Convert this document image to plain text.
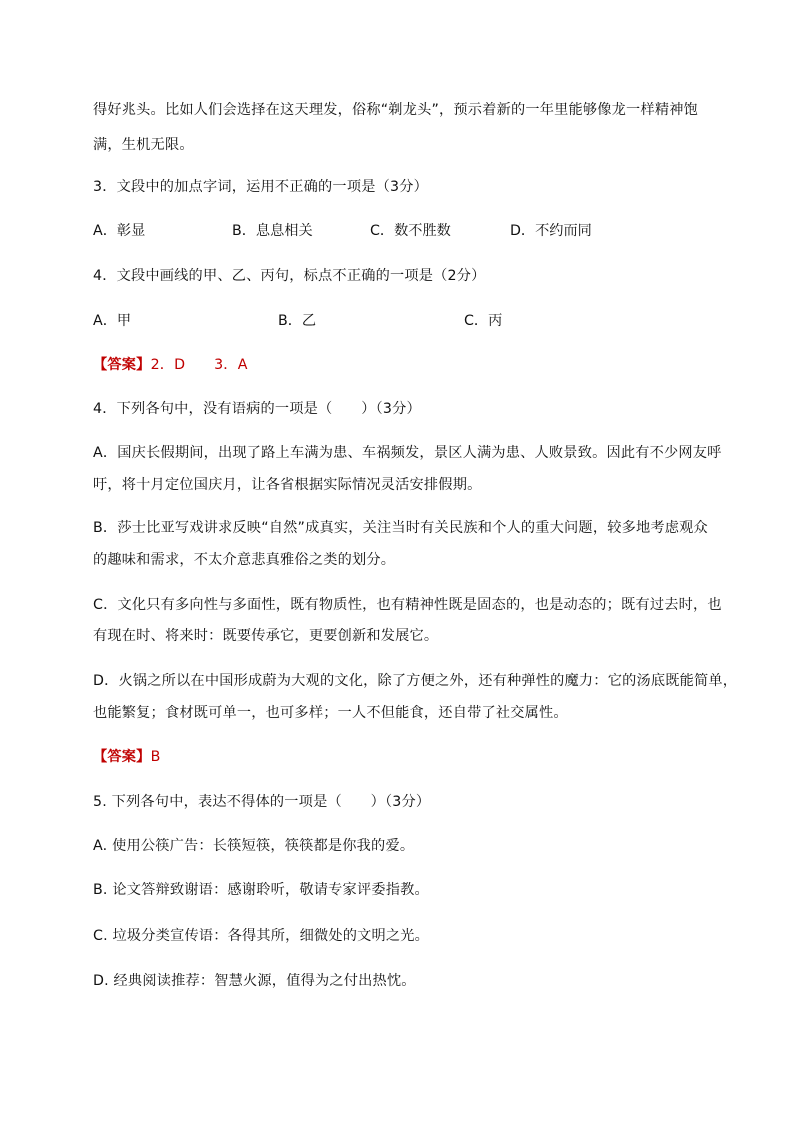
得好兆头。比如人们会选择在这天理发，俗称“剃龙头”，预示着新的一年里能够像龙一样精神饱
满，生机无限。
3．文段中的加点字词，运用不正确的一项是（3分）
A．彰显	B．息息相关	C．数不胜数	D．不约而同
4．文段中画线的甲、乙、丙句，标点不正确的一项是（2分）
A．甲	B．乙	C．丙
【答案】2．D　　3．A
4．下列各句中，没有语病的一项是（　　）（3分）
A．国庆长假期间，出现了路上车满为患、车祸频发，景区人满为患、人败景致。因此有不少网友呼
吁，将十月定位国庆月，让各省根据实际情况灵活安排假期。
B．莎士比亚写戏讲求反映“自然”成真实，关注当时有关民族和个人的重大问题，较多地考虑观众
的趣味和需求，不太介意悲真雅俗之类的划分。
C．文化只有多向性与多面性，既有物质性，也有精神性既是固态的，也是动态的；既有过去时，也
有现在时、将来时：既要传承它，更要创新和发展它。
D．火锅之所以在中国形成蔚为大观的文化，除了方便之外，还有种弹性的魔力：它的汤底既能简单，
也能繁复；食材既可单一，也可多样；一人不但能食，还自带了社交属性。
【答案】B
5. 下列各句中，表达不得体的一项是（　　）（3分）
A. 使用公筷广告：长筷短筷，筷筷都是你我的爱。
B. 论文答辩致谢语：感谢聆听，敬请专家评委指教。
C. 垃圾分类宣传语：各得其所，细微处的文明之光。
D. 经典阅读推荐：智慧火源，值得为之付出热忱。
